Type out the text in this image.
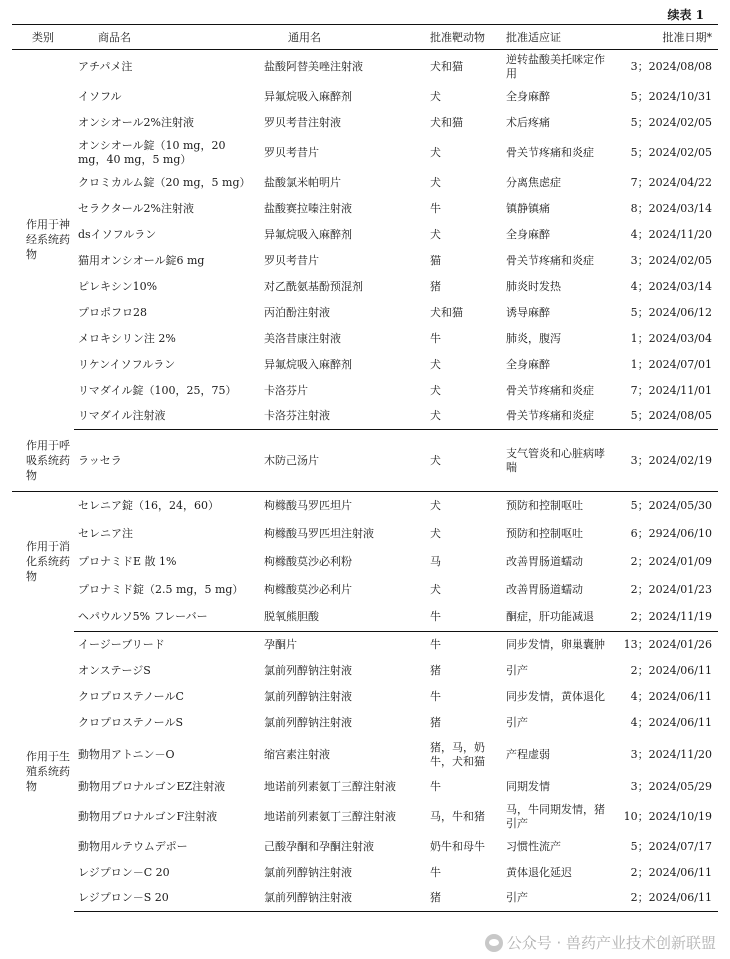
续表 1
类别	商品名	通用名	批准靶动物	批准适应证	批准日期*
作用于神经系统药物	アチパメ注	盐酸阿替美唑注射液	犬和猫	逆转盐酸美托咪定作用	3；2024/08/08
	イソフル	异氟烷吸入麻醉剂	犬	全身麻醉	5；2024/10/31
	オンシオール2%注射液	罗贝考昔注射液	犬和猫	术后疼痛	5；2024/02/05
	オンシオール錠（10 mg，20 mg，40 mg，5 mg）	罗贝考昔片	犬	骨关节疼痛和炎症	5；2024/02/05
	クロミカルム錠（20 mg，5 mg）	盐酸氯米帕明片	犬	分离焦虑症	7；2024/04/22
	セラクタール2%注射液	盐酸赛拉嗪注射液	牛	镇静镇痛	8；2024/03/14
	dsイソフルラン	异氟烷吸入麻醉剂	犬	全身麻醉	4；2024/11/20
	猫用オンシオール錠6 mg	罗贝考昔片	猫	骨关节疼痛和炎症	3；2024/02/05
	ピレキシン10%	对乙酰氨基酚预混剂	猪	肺炎时发热	4；2024/03/14
	プロポフロ28	丙泊酚注射液	犬和猫	诱导麻醉	5；2024/06/12
	メロキシリン注 2%	美洛昔康注射液	牛	肺炎，腹泻	1；2024/03/04
	リケンイソフルラン	异氟烷吸入麻醉剂	犬	全身麻醉	1；2024/07/01
	リマダイル錠（100，25，75）	卡洛芬片	犬	骨关节疼痛和炎症	7；2024/11/01
	リマダイル注射液	卡洛芬注射液	犬	骨关节疼痛和炎症	5；2024/08/05
作用于呼吸系统药物	ラッセラ	木防己汤片	犬	支气管炎和心脏病哮喘	3；2024/02/19
作用于消化系统药物	セレニア錠（16，24，60）	枸橼酸马罗匹坦片	犬	预防和控制呕吐	5；2024/05/30
	セレニア注	枸橼酸马罗匹坦注射液	犬	预防和控制呕吐	6；2924/06/10
	プロナミドE 散 1%	枸橼酸莫沙必利粉	马	改善胃肠道蠕动	2；2024/01/09
	プロナミド錠（2.5 mg，5 mg）	枸橼酸莫沙必利片	犬	改善胃肠道蠕动	2；2024/01/23
	ヘパウルソ5% フレーバー	脱氧熊胆酸	牛	酮症，肝功能减退	2；2024/11/19
作用于生殖系统药物	イージーブリード	孕酮片	牛	同步发情，卵巢囊肿	13；2024/01/26
	オンステージS	氯前列醇钠注射液	猪	引产	2；2024/06/11
	クロプロステノールC	氯前列醇钠注射液	牛	同步发情，黄体退化	4；2024/06/11
	クロプロステノールS	氯前列醇钠注射液	猪	引产	4；2024/06/11
	動物用アトニン－O	缩宫素注射液	猪，马，奶牛，犬和猫	产程虚弱	3；2024/11/20
	動物用プロナルゴンEZ注射液	地诺前列素氨丁三醇注射液	牛	同期发情	3；2024/05/29
	動物用プロナルゴンF注射液	地诺前列素氨丁三醇注射液	马，牛和猪	马，牛同期发情，猪引产	10；2024/10/19
	動物用ルテウムデポー	己酸孕酮和孕酮注射液	奶牛和母牛	习惯性流产	5；2024/07/17
	レジプロン－C 20	氯前列醇钠注射液	牛	黄体退化延迟	2；2024/06/11
	レジプロン－S 20	氯前列醇钠注射液	猪	引产	2；2024/06/11
公众号 · 兽药产业技术创新联盟
